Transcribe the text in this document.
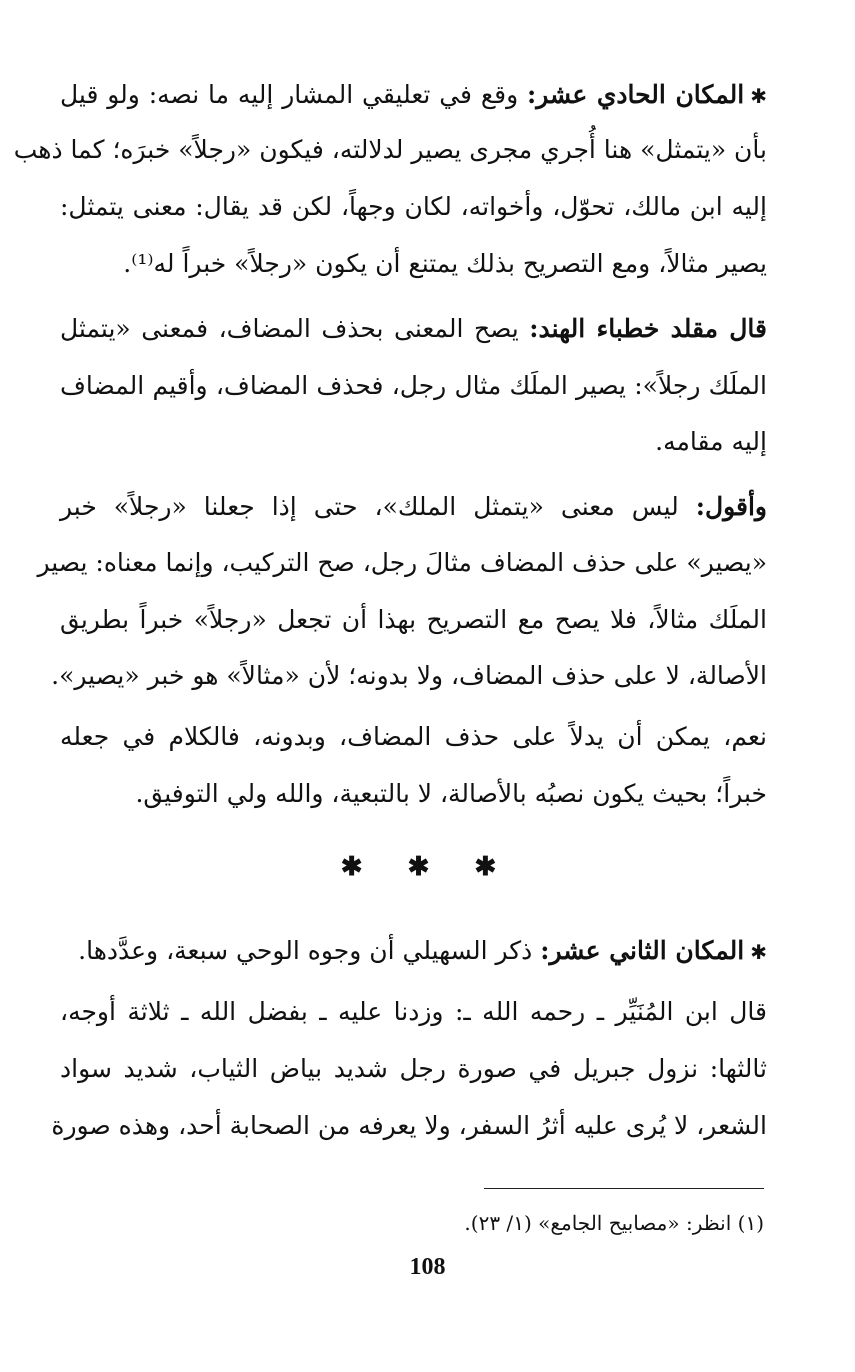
✱المكان الحادي عشر: وقع في تعليقي المشار إليه ما نصه: ولو قيل

بأن «يتمثل» هنا أُجري مجرى يصير لدلالته، فيكون «رجلاً» خبرَه؛ كما ذهب

إليه ابن مالك، تحوّل، وأخواته، لكان وجهاً، لكن قد يقال: معنى يتمثل:

يصير مثالاً، ومع التصريح بذلك يمتنع أن يكون «رجلاً» خبراً له⁽¹⁾.

قال مقلد خطباء الهند: يصح المعنى بحذف المضاف، فمعنى «يتمثل

الملَك رجلاً»: يصير الملَك مثال رجل، فحذف المضاف، وأقيم المضاف

إليه مقامه.

وأقول: ليس معنى «يتمثل الملك»، حتى إذا جعلنا «رجلاً» خبر

«يصير» على حذف المضاف مثالَ رجل، صح التركيب، وإنما معناه: يصير

الملَك مثالاً، فلا يصح مع التصريح بهذا أن تجعل «رجلاً» خبراً بطريق

الأصالة، لا على حذف المضاف، ولا بدونه؛ لأن «مثالاً» هو خبر «يصير».

نعم، يمكن أن يدلاً على حذف المضاف، وبدونه، فالكلام في جعله

خبراً؛ بحيث يكون نصبُه بالأصالة، لا بالتبعية، والله ولي التوفيق.

✱ ✱ ✱

✱المكان الثاني عشر: ذكر السهيلي أن وجوه الوحي سبعة، وعدَّدها.

قال ابن المُنَيِّر ـ رحمه الله ـ: وزدنا عليه ـ بفضل الله ـ ثلاثة أوجه،

ثالثها: نزول جبريل في صورة رجل شديد بياض الثياب، شديد سواد

الشعر، لا يُرى عليه أثرُ السفر، ولا يعرفه من الصحابة أحد، وهذه صورة

(١) انظر: «مصابيح الجامع» (١/ ٢٣).
108
